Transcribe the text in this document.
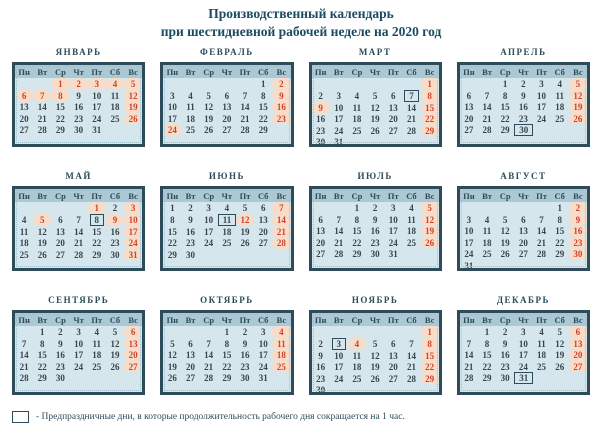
Производственный календарь
при шестидневной рабочей неделе на 2020 год
ЯНВАРЬ
Пн	Вт	Ср	Чт	Пт	Сб	Вс
		1	2	3	4	5
6	7	8	9	10	11	12
13	14	15	16	17	18	19
20	21	22	23	24	25	26
27	28	29	30	31		
ФЕВРАЛЬ
Пн	Вт	Ср	Чт	Пт	Сб	Вс
					1	2
3	4	5	6	7	8	9
10	11	12	13	14	15	16
17	18	19	20	21	22	23
24	25	26	27	28	29	
МАРТ
Пн	Вт	Ср	Чт	Пт	Сб	Вс
						1
2	3	4	5	6	7	8
9	10	11	12	13	14	15
16	17	18	19	20	21	22
23	24	25	26	27	28	29
30	31					
АПРЕЛЬ
Пн	Вт	Ср	Чт	Пт	Сб	Вс
		1	2	3	4	5
6	7	8	9	10	11	12
13	14	15	16	17	18	19
20	21	22	23	24	25	26
27	28	29	30			
МАЙ
Пн	Вт	Ср	Чт	Пт	Сб	Вс
				1	2	3
4	5	6	7	8	9	10
11	12	13	14	15	16	17
18	19	20	21	22	23	24
25	26	27	28	29	30	31
ИЮНЬ
Пн	Вт	Ср	Чт	Пт	Сб	Вс
1	2	3	4	5	6	7
8	9	10	11	12	13	14
15	16	17	18	19	20	21
22	23	24	25	26	27	28
29	30					
ИЮЛЬ
Пн	Вт	Ср	Чт	Пт	Сб	Вс
		1	2	3	4	5
6	7	8	9	10	11	12
13	14	15	16	17	18	19
20	21	22	23	24	25	26
27	28	29	30	31		
АВГУСТ
Пн	Вт	Ср	Чт	Пт	Сб	Вс
					1	2
3	4	5	6	7	8	9
10	11	12	13	14	15	16
17	18	19	20	21	22	23
24	25	26	27	28	29	30
31						
СЕНТЯБРЬ
Пн	Вт	Ср	Чт	Пт	Сб	Вс
	1	2	3	4	5	6
7	8	9	10	11	12	13
14	15	16	17	18	19	20
21	22	23	24	25	26	27
28	29	30				
ОКТЯБРЬ
Пн	Вт	Ср	Чт	Пт	Сб	Вс
			1	2	3	4
5	6	7	8	9	10	11
12	13	14	15	16	17	18
19	20	21	22	23	24	25
26	27	28	29	30	31	
НОЯБРЬ
Пн	Вт	Ср	Чт	Пт	Сб	Вс
						1
2	3	4	5	6	7	8
9	10	11	12	13	14	15
16	17	18	19	20	21	22
23	24	25	26	27	28	29
30						
ДЕКАБРЬ
Пн	Вт	Ср	Чт	Пт	Сб	Вс
	1	2	3	4	5	6
7	8	9	10	11	12	13
14	15	16	17	18	19	20
21	22	23	24	25	26	27
28	29	30	31			
- Предпраздничные дни, в которые продолжительность рабочего дня сокращается на 1 час.
